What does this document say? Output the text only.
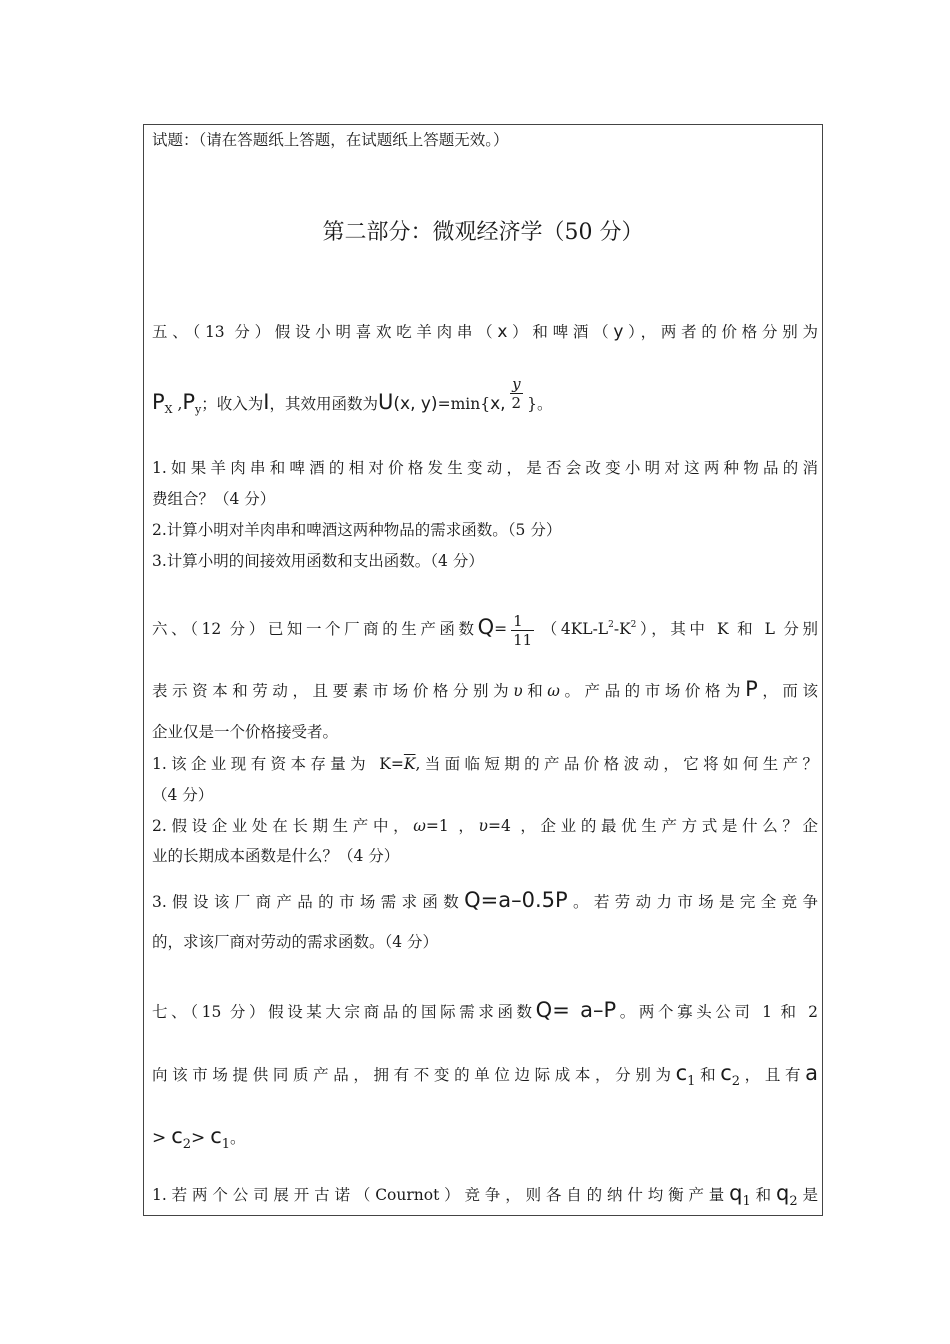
试题：（请在答题纸上答题，在试题纸上答题无效。）
第二部分：微观经济学（50 分）
五、（13 分）假设小明喜欢吃羊肉串（x）和啤酒（y），两者的价格分别为
$P_X$ $,P_y$；收入为I，其效用函数为U(x, y)=min{x, $\frac{y}{2}$ }。
1.如果羊肉串和啤酒的相对价格发生变动，是否会改变小明对这两种物品的消
费组合？（4 分）
2.计算小明对羊肉串和啤酒这两种物品的需求函数。（5 分）
3.计算小明的间接效用函数和支出函数。（4 分）
六、（12 分）已知一个厂商的生产函数$Q= \frac{1}{11} (4KL-L^2-K^2)$，其中 K 和 L 分别
表示资本和劳动，且要素市场价格分别为υ和ω。产品的市场价格为P，而该
企业仅是一个价格接受者。
1.该企业现有资本存量为 $K=\overline{K}$,当面临短期的产品价格波动，它将如何生产？
（4 分）
2.假设企业处在长期生产中，ω=1 ，υ=4 ，企业的最优生产方式是什么？企
业的长期成本函数是什么？（4 分）
3.假设该厂商产品的市场需求函数Q=a–0.5P。若劳动力市场是完全竞争
的，求该厂商对劳动的需求函数。（4 分）
七、（15 分）假设某大宗商品的国际需求函数Q= a–P。两个寡头公司 1 和 2
向该市场提供同质产品，拥有不变的单位边际成本，分别为$c_1$和$c_2$，且有a
> $c_2> c_1$。
1.若两个公司展开古诺（Cournot）竞争，则各自的纳什均衡产量$q_1$和$q_2$是
